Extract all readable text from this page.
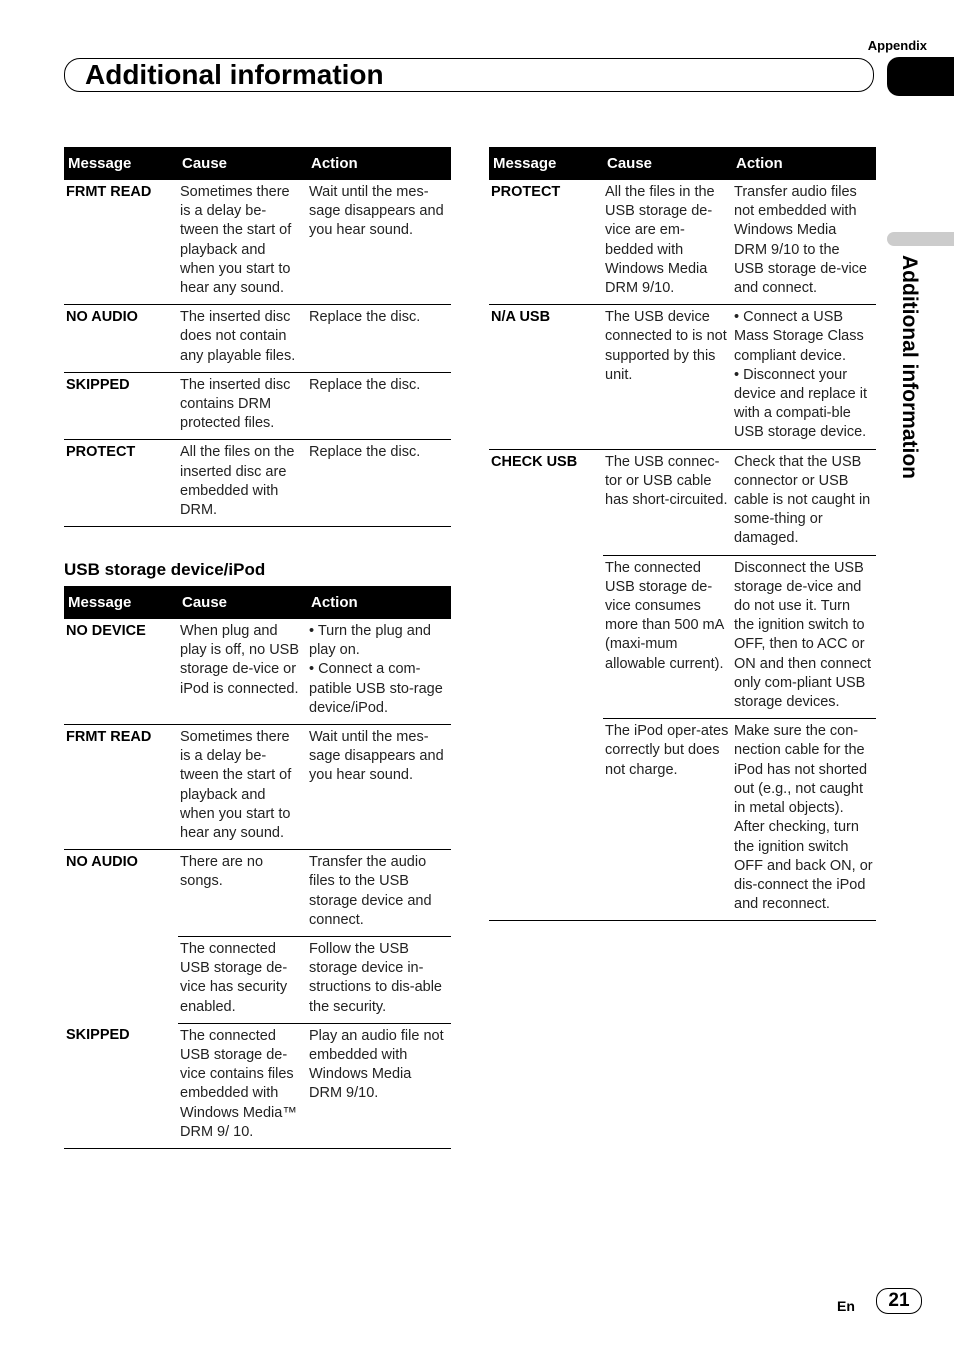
Appendix
Additional information
Additional information
Message	Cause	Action
FRMT READ	Sometimes there is a delay be-tween the start of playback and when you start to hear any sound.	Wait until the mes-sage disappears and you hear sound.
NO AUDIO	The inserted disc does not contain any playable files.	Replace the disc.
SKIPPED	The inserted disc contains DRM protected files.	Replace the disc.
PROTECT	All the files on the inserted disc are embedded with DRM.	Replace the disc.
USB storage device/iPod
Message	Cause	Action
NO DEVICE	When plug and play is off, no USB storage de-vice or iPod is connected.	• Turn the plug and play on.
• Connect a com-patible USB sto-rage device/iPod.
FRMT READ	Sometimes there is a delay be-tween the start of playback and when you start to hear any sound.	Wait until the mes-sage disappears and you hear sound.
NO AUDIO	There are no songs.	Transfer the audio files to the USB storage device and connect.
	The connected USB storage de-vice has security enabled.	Follow the USB storage device in-structions to dis-able the security.
SKIPPED	The connected USB storage de-vice contains files embedded with Windows Media™ DRM 9/ 10.	Play an audio file not embedded with Windows Media DRM 9/10.
Message	Cause	Action
PROTECT	All the files in the USB storage de-vice are em-bedded with Windows Media DRM 9/10.	Transfer audio files not embedded with Windows Media DRM 9/10 to the USB storage de-vice and connect.
N/A USB	The USB device connected to is not supported by this unit.	• Connect a USB Mass Storage Class compliant device.
• Disconnect your device and replace it with a compati-ble USB storage device.
CHECK USB	The USB connec-tor or USB cable has short-circuited.	Check that the USB connector or USB cable is not caught in some-thing or damaged.
	The connected USB storage de-vice consumes more than 500 mA (maxi-mum allowable current).	Disconnect the USB storage de-vice and do not use it. Turn the ignition switch to OFF, then to ACC or ON and then connect only com-pliant USB storage devices.
	The iPod oper-ates correctly but does not charge.	Make sure the con-nection cable for the iPod has not shorted out (e.g., not caught in metal objects). After checking, turn the ignition switch OFF and back ON, or dis-connect the iPod and reconnect.
En	21
